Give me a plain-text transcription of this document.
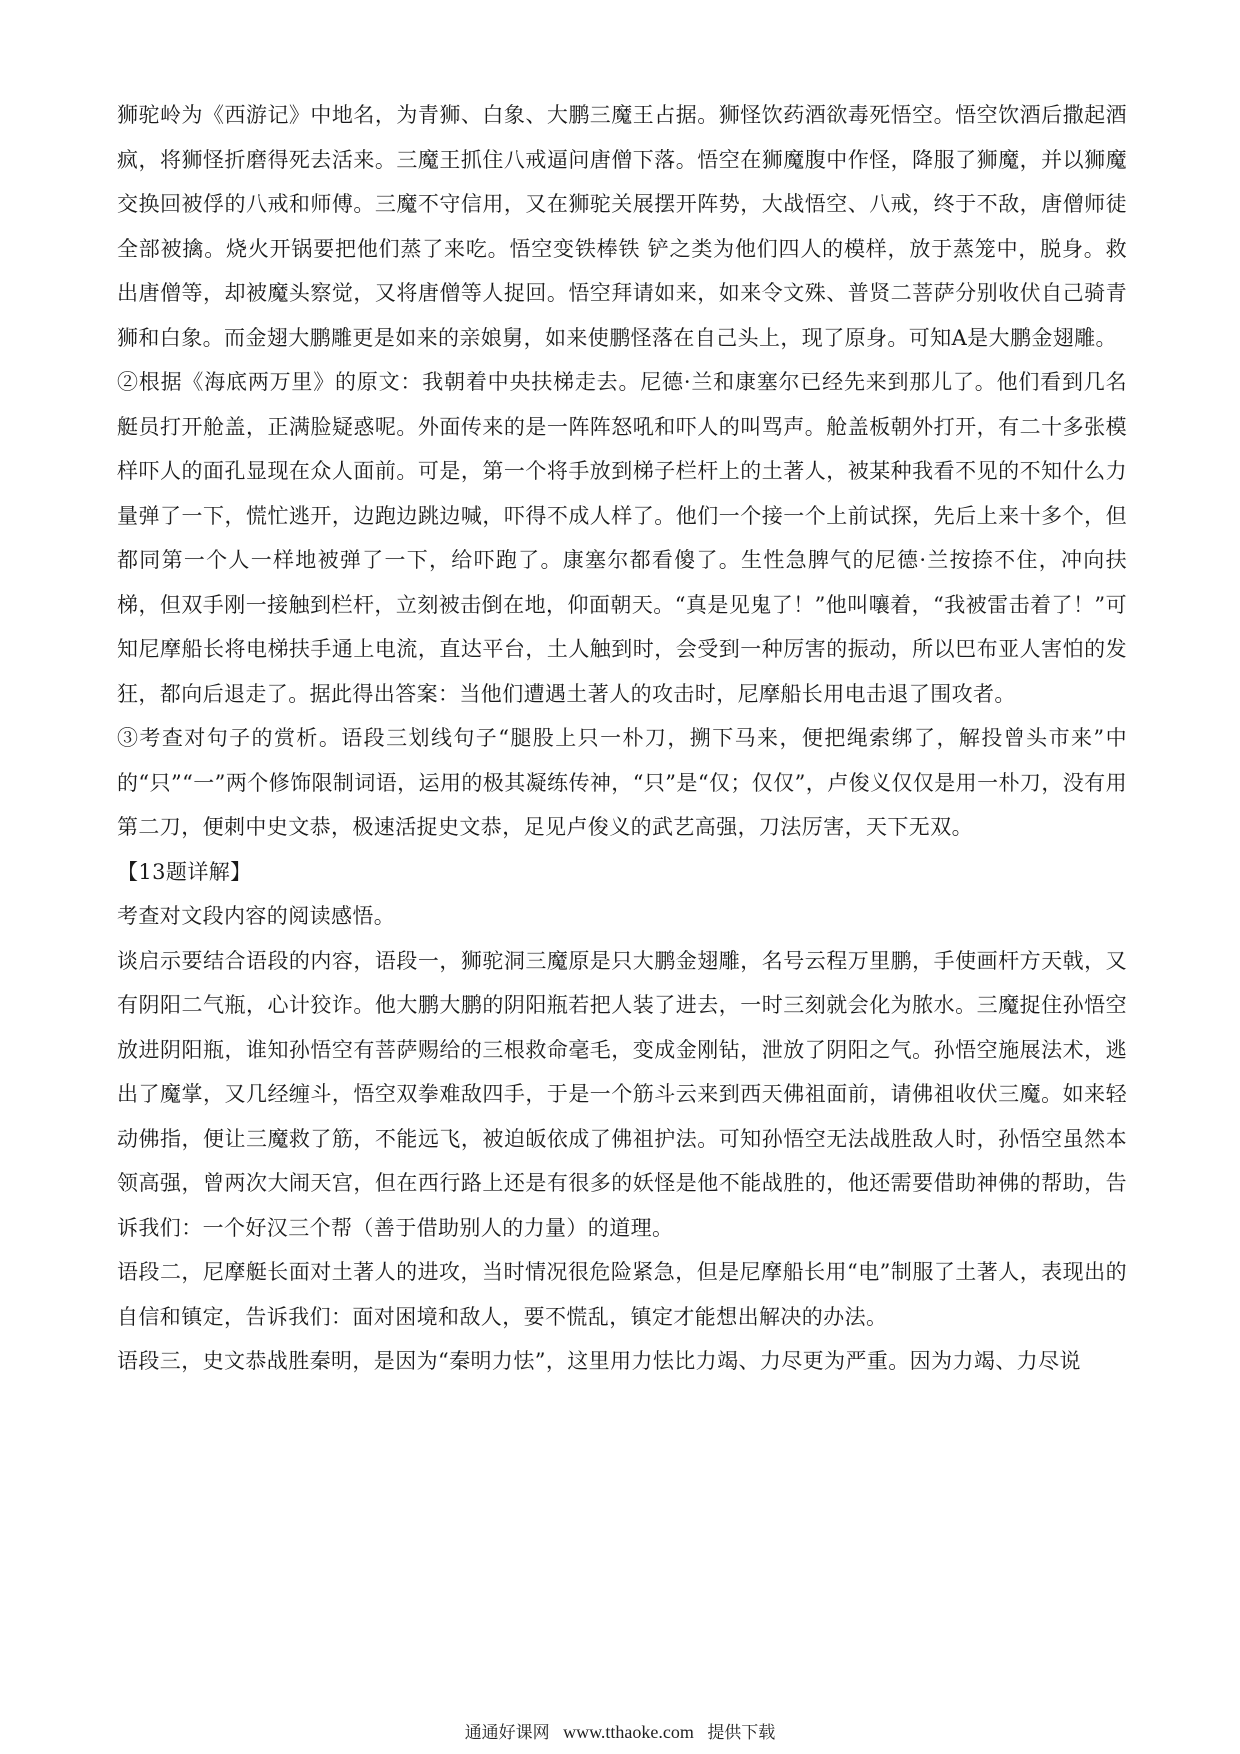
狮驼岭为《西游记》中地名，为青狮、白象、大鹏三魔王占据。狮怪饮药酒欲毒死悟空。悟空饮酒后撒起酒疯，将狮怪折磨得死去活来。三魔王抓住八戒逼问唐僧下落。悟空在狮魔腹中作怪，降服了狮魔，并以狮魔交换回被俘的八戒和师傅。三魔不守信用，又在狮驼关展摆开阵势，大战悟空、八戒，终于不敌，唐僧师徒全部被擒。烧火开锅要把他们蒸了来吃。悟空变铁棒铁 铲之类为他们四人的模样，放于蒸笼中，脱身。救出唐僧等，却被魔头察觉，又将唐僧等人捉回。悟空拜请如来，如来令文殊、普贤二菩萨分别收伏自己骑青狮和白象。而金翅大鹏雕更是如来的亲娘舅，如来使鹏怪落在自己头上，现了原身。可知A是大鹏金翅雕。

②根据《海底两万里》的原文：我朝着中央扶梯走去。尼德·兰和康塞尔已经先来到那儿了。他们看到几名艇员打开舱盖，正满脸疑惑呢。外面传来的是一阵阵怒吼和吓人的叫骂声。舱盖板朝外打开，有二十多张模样吓人的面孔显现在众人面前。可是，第一个将手放到梯子栏杆上的土著人，被某种我看不见的不知什么力量弹了一下，慌忙逃开，边跑边跳边喊，吓得不成人样了。他们一个接一个上前试探，先后上来十多个，但都同第一个人一样地被弹了一下，给吓跑了。康塞尔都看傻了。生性急脾气的尼德·兰按捺不住，冲向扶梯，但双手刚一接触到栏杆，立刻被击倒在地，仰面朝天。“真是见鬼了！”他叫嚷着，“我被雷击着了！”可知尼摩船长将电梯扶手通上电流，直达平台，土人触到时，会受到一种厉害的振动，所以巴布亚人害怕的发狂，都向后退走了。据此得出答案：当他们遭遇土著人的攻击时，尼摩船长用电击退了围攻者。

③考查对句子的赏析。语段三划线句子“腿股上只一朴刀，搠下马来，便把绳索绑了，解投曾头市来”中的“只”“一”两个修饰限制词语，运用的极其凝练传神，“只”是“仅；仅仅”，卢俊义仅仅是用一朴刀，没有用第二刀，便刺中史文恭，极速活捉史文恭，足见卢俊义的武艺高强，刀法厉害，天下无双。

【13题详解】

考查对文段内容的阅读感悟。

谈启示要结合语段的内容，语段一，狮驼洞三魔原是只大鹏金翅雕，名号云程万里鹏，手使画杆方天戟，又有阴阳二气瓶，心计狡诈。他大鹏大鹏的阴阳瓶若把人装了进去，一时三刻就会化为脓水。三魔捉住孙悟空放进阴阳瓶，谁知孙悟空有菩萨赐给的三根救命毫毛，变成金刚钻，泄放了阴阳之气。孙悟空施展法术，逃出了魔掌，又几经缠斗，悟空双拳难敌四手，于是一个筋斗云来到西天佛祖面前，请佛祖收伏三魔。如来轻动佛指，便让三魔救了筋，不能远飞，被迫皈依成了佛祖护法。可知孙悟空无法战胜敌人时，孙悟空虽然本领高强，曾两次大闹天宫，但在西行路上还是有很多的妖怪是他不能战胜的，他还需要借助神佛的帮助，告诉我们：一个好汉三个帮（善于借助别人的力量）的道理。

语段二，尼摩艇长面对土著人的进攻，当时情况很危险紧急，但是尼摩船长用“电”制服了土著人，表现出的自信和镇定，告诉我们：面对困境和敌人，要不慌乱，镇定才能想出解决的办法。

语段三，史文恭战胜秦明，是因为“秦明力怯”，这里用力怯比力竭、力尽更为严重。因为力竭、力尽说

通通好课网 www.tthaoke.com 提供下载
